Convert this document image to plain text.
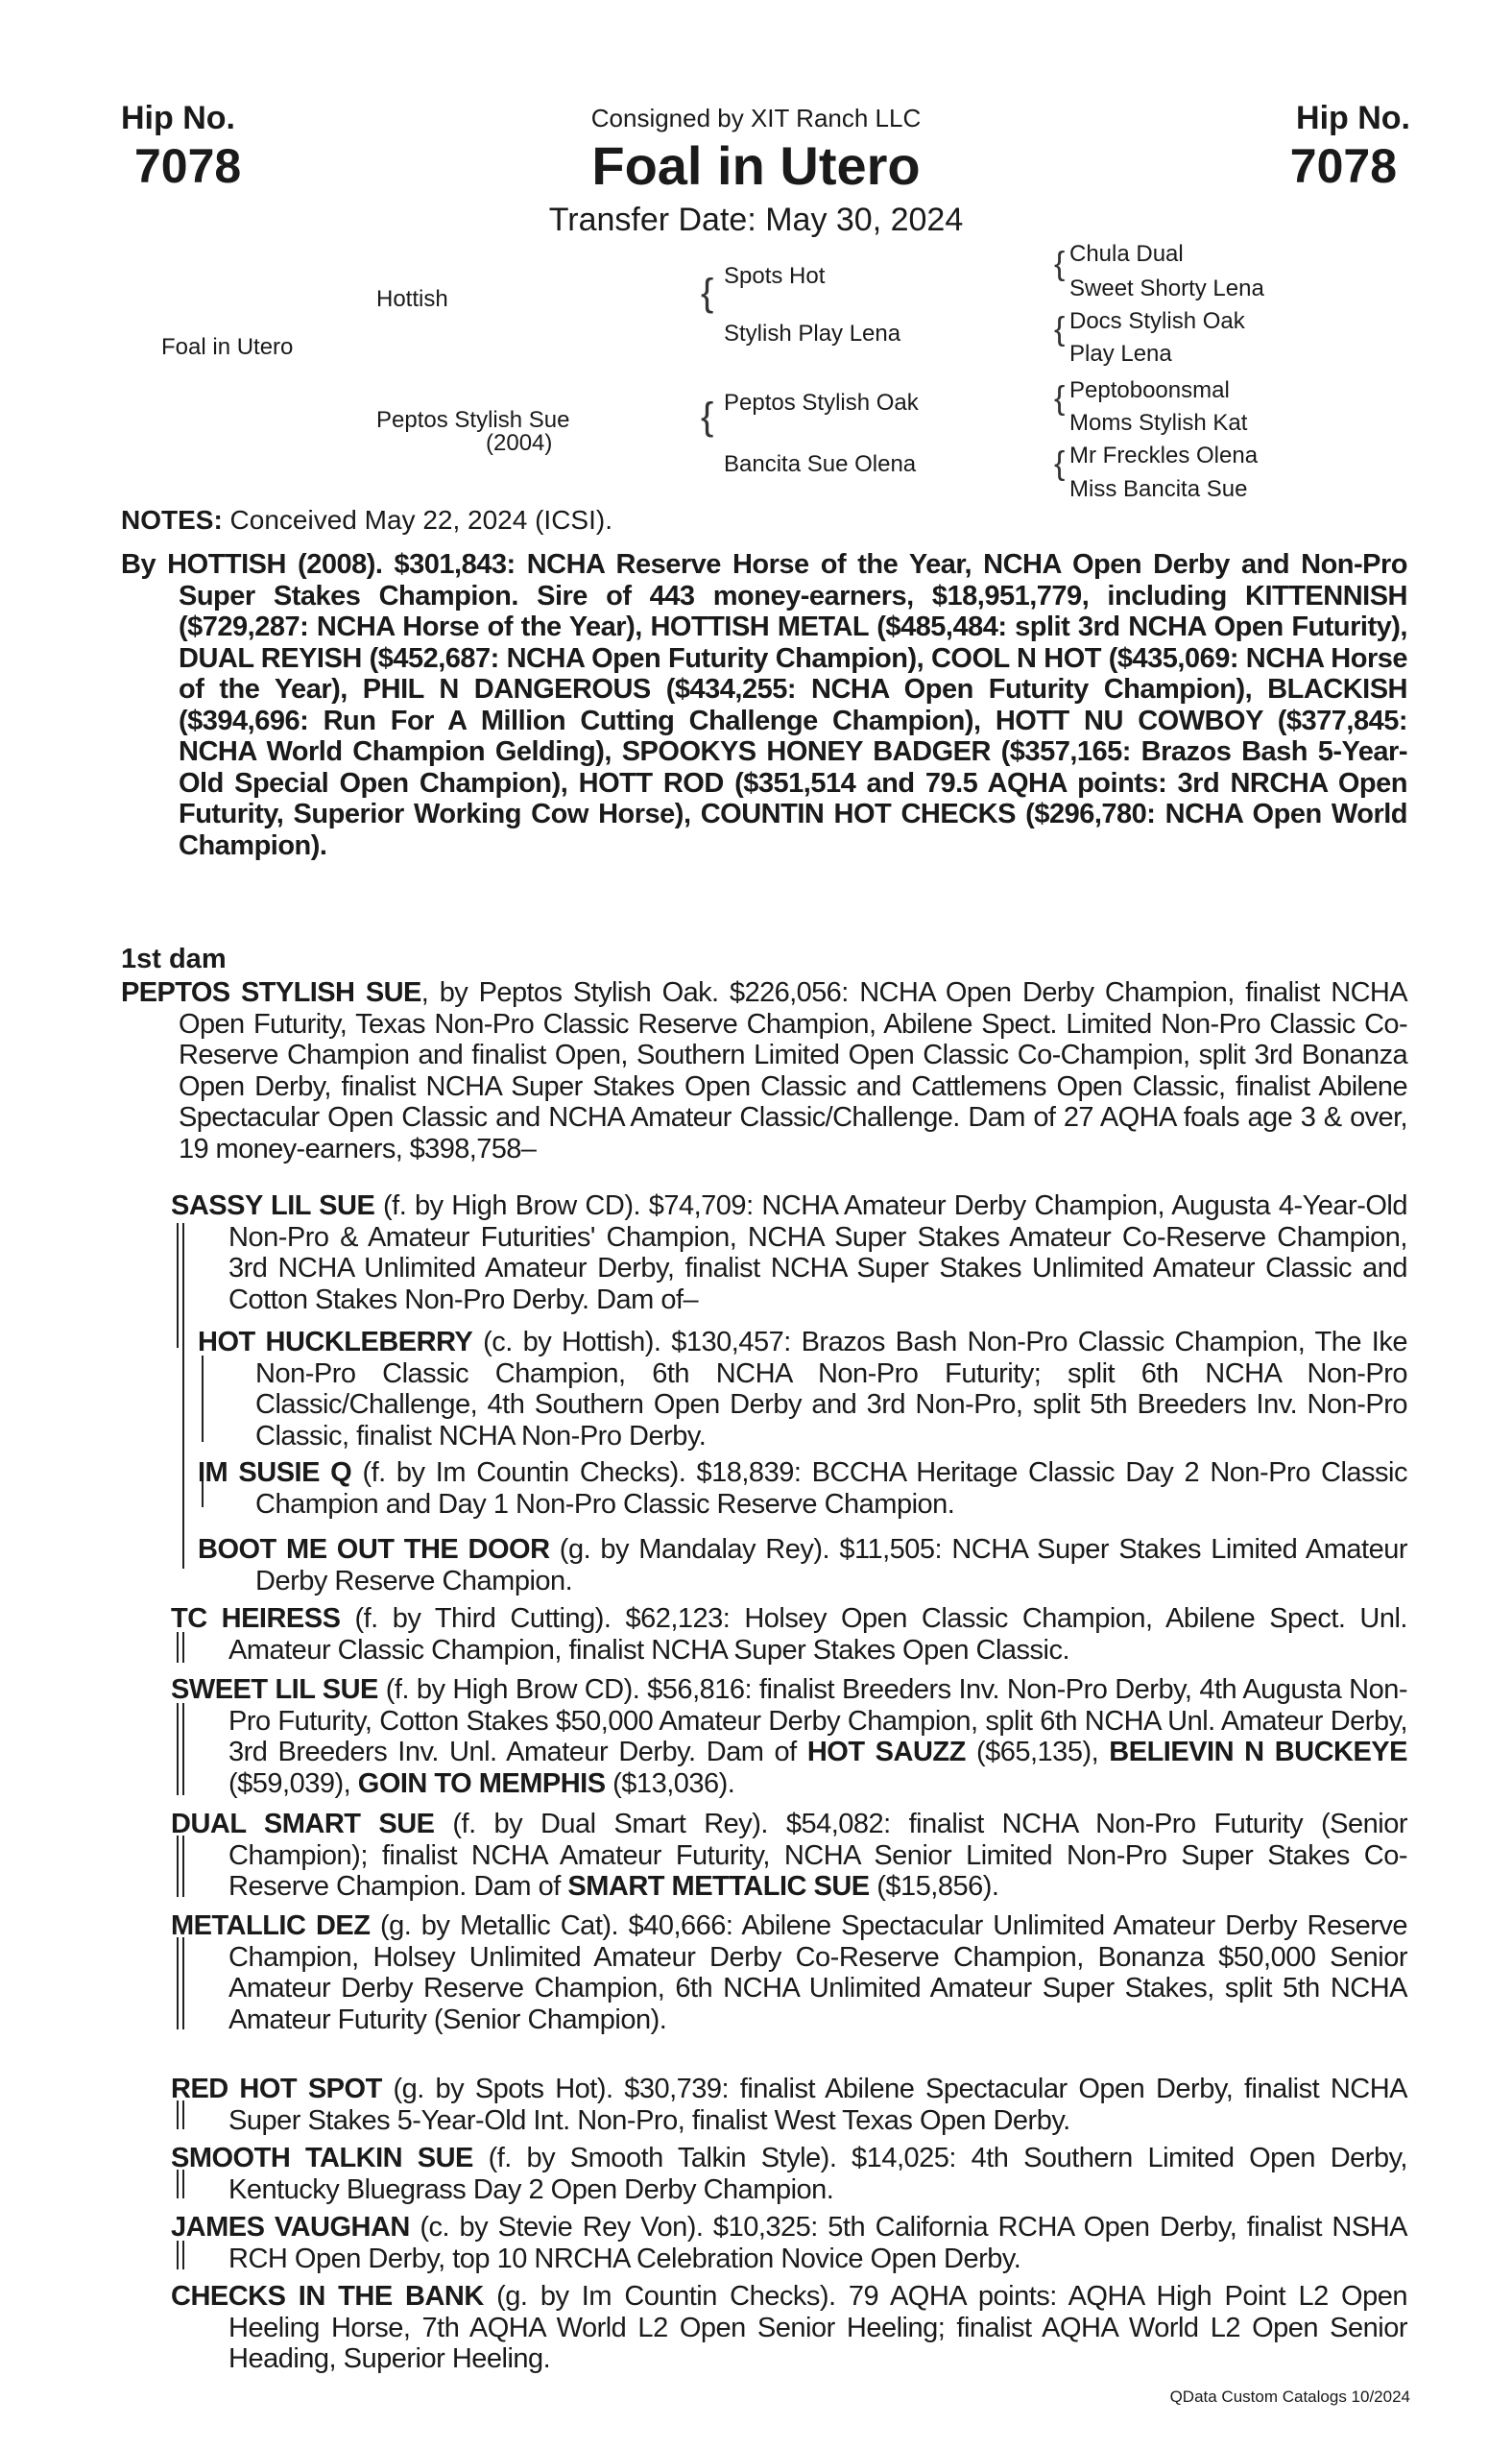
Hip No.
7078
Hip No.
7078
Consigned by XIT Ranch LLC
Foal in Utero
Transfer Date: May 30, 2024
Foal in Utero
Hottish
Peptos Stylish Sue
(2004)
{
{
Spots Hot
Stylish Play Lena
Peptos Stylish Oak
Bancita Sue Olena
{
{
{
{
Chula Dual
Sweet Shorty Lena
Docs Stylish Oak
Play Lena
Peptoboonsmal
Moms Stylish Kat
Mr Freckles Olena
Miss Bancita Sue
NOTES: Conceived May 22, 2024 (ICSI).
By HOTTISH (2008). $301,843: NCHA Reserve Horse of the Year, NCHA Open Derby and Non-Pro Super Stakes Champion. Sire of 443 money-earners, $18,951,779, including KITTENNISH ($729,287: NCHA Horse of the Year), HOTTISH METAL ($485,484: split 3rd NCHA Open Futurity), DUAL REYISH ($452,687: NCHA Open Futurity Champion), COOL N HOT ($435,069: NCHA Horse of the Year), PHIL N DANGEROUS ($434,255: NCHA Open Futurity Champion), BLACKISH ($394,696: Run For A Million Cutting Challenge Champion), HOTT NU COWBOY ($377,845: NCHA World Champion Gelding), SPOOKYS HONEY BADGER ($357,165: Brazos Bash 5-Year-Old Special Open Champion), HOTT ROD ($351,514 and 79.5 AQHA points: 3rd NRCHA Open Futurity, Superior Working Cow Horse), COUNTIN HOT CHECKS ($296,780: NCHA Open World Champion).
1st dam
PEPTOS STYLISH SUE, by Peptos Stylish Oak. $226,056: NCHA Open Derby Champion, finalist NCHA Open Futurity, Texas Non-Pro Classic Reserve Champion, Abilene Spect. Limited Non-Pro Classic Co-Reserve Champion and finalist Open, Southern Limited Open Classic Co-Champion, split 3rd Bonanza Open Derby, finalist NCHA Super Stakes Open Classic and Cattlemens Open Classic, finalist Abilene Spectacular Open Classic and NCHA Amateur Classic/Challenge. Dam of 27 AQHA foals age 3 & over, 19 money-earners, $398,758–
SASSY LIL SUE (f. by High Brow CD). $74,709: NCHA Amateur Derby Champion, Augusta 4-Year-Old Non-Pro & Amateur Futurities' Champion, NCHA Super Stakes Amateur Co-Reserve Champion, 3rd NCHA Unlimited Amateur Derby, finalist NCHA Super Stakes Unlimited Amateur Classic and Cotton Stakes Non-Pro Derby. Dam of–
HOT HUCKLEBERRY (c. by Hottish). $130,457: Brazos Bash Non-Pro Classic Champion, The Ike Non-Pro Classic Champion, 6th NCHA Non-Pro Futurity; split 6th NCHA Non-Pro Classic/Challenge, 4th Southern Open Derby and 3rd Non-Pro, split 5th Breeders Inv. Non-Pro Classic, finalist NCHA Non-Pro Derby.
IM SUSIE Q (f. by Im Countin Checks). $18,839: BCCHA Heritage Classic Day 2 Non-Pro Classic Champion and Day 1 Non-Pro Classic Reserve Champion.
BOOT ME OUT THE DOOR (g. by Mandalay Rey). $11,505: NCHA Super Stakes Limited Amateur Derby Reserve Champion.
TC HEIRESS (f. by Third Cutting). $62,123: Holsey Open Classic Champion, Abilene Spect. Unl. Amateur Classic Champion, finalist NCHA Super Stakes Open Classic.
SWEET LIL SUE (f. by High Brow CD). $56,816: finalist Breeders Inv. Non-Pro Derby, 4th Augusta Non-Pro Futurity, Cotton Stakes $50,000 Amateur Derby Champion, split 6th NCHA Unl. Amateur Derby, 3rd Breeders Inv. Unl. Amateur Derby. Dam of HOT SAUZZ ($65,135), BELIEVIN N BUCKEYE ($59,039), GOIN TO MEMPHIS ($13,036).
DUAL SMART SUE (f. by Dual Smart Rey). $54,082: finalist NCHA Non-Pro Futurity (Senior Champion); finalist NCHA Amateur Futurity, NCHA Senior Limited Non-Pro Super Stakes Co-Reserve Champion. Dam of SMART METTALIC SUE ($15,856).
METALLIC DEZ (g. by Metallic Cat). $40,666: Abilene Spectacular Unlimited Amateur Derby Reserve Champion, Holsey Unlimited Amateur Derby Co-Reserve Champion, Bonanza $50,000 Senior Amateur Derby Reserve Champion, 6th NCHA Unlimited Amateur Super Stakes, split 5th NCHA Amateur Futurity (Senior Champion).
RED HOT SPOT (g. by Spots Hot). $30,739: finalist Abilene Spectacular Open Derby, finalist NCHA Super Stakes 5-Year-Old Int. Non-Pro, finalist West Texas Open Derby.
SMOOTH TALKIN SUE (f. by Smooth Talkin Style). $14,025: 4th Southern Limited Open Derby, Kentucky Bluegrass Day 2 Open Derby Champion.
JAMES VAUGHAN (c. by Stevie Rey Von). $10,325: 5th California RCHA Open Derby, finalist NSHA RCH Open Derby, top 10 NRCHA Celebration Novice Open Derby.
CHECKS IN THE BANK (g. by Im Countin Checks). 79 AQHA points: AQHA High Point L2 Open Heeling Horse, 7th AQHA World L2 Open Senior Heeling; finalist AQHA World L2 Open Senior Heading, Superior Heeling.
QData Custom Catalogs 10/2024
